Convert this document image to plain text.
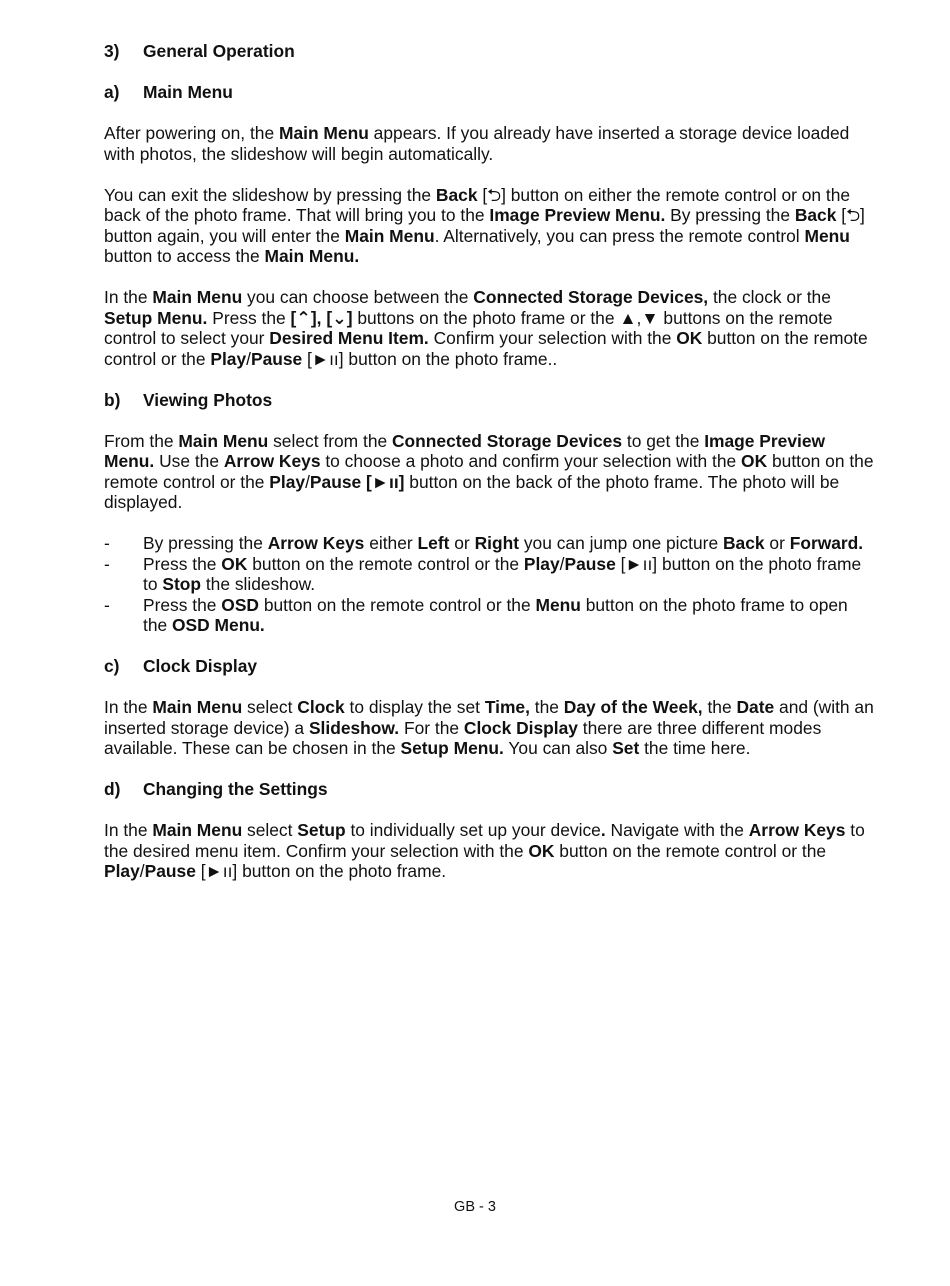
3) General Operation
a) Main Menu

After powering on, the Main Menu appears. If you already have inserted a storage device loaded with photos, the slideshow will begin automatically.

You can exit the slideshow by pressing the Back [⮌] button on either the remote control or on the back of the photo frame. That will bring you to the Image Preview Menu. By pressing the Back [⮌] button again, you will enter the Main Menu. Alternatively, you can press the remote control Menu button to access the Main Menu.

In the Main Menu you can choose between the Connected Storage Devices, the clock or the Setup Menu. Press the [⌃], [⌄] buttons on the photo frame or the ▲,▼ buttons on the remote control to select your Desired Menu Item. Confirm your selection with the OK button on the remote control or the Play/Pause [►ıı] button on the photo frame..

b) Viewing Photos

From the Main Menu select from the Connected Storage Devices to get the Image Preview Menu. Use the Arrow Keys to choose a photo and confirm your selection with the OK button on the remote control or the Play/Pause [►ıı] button on the back of the photo frame. The photo will be displayed.

- By pressing the Arrow Keys either Left or Right you can jump one picture Back or Forward.
- Press the OK button on the remote control or the Play/Pause [►ıı] button on the photo frame to Stop the slideshow.
- Press the OSD button on the remote control or the Menu button on the photo frame to open the OSD Menu.
c) Clock Display

In the Main Menu select Clock to display the set Time, the Day of the Week, the Date and (with an inserted storage device) a Slideshow. For the Clock Display there are three different modes available. These can be chosen in the Setup Menu. You can also Set the time here.

d) Changing the Settings

In the Main Menu select Setup to individually set up your device. Navigate with the Arrow Keys to the desired menu item. Confirm your selection with the OK button on the remote control or the Play/Pause [►ıı] button on the photo frame.

GB - 3
